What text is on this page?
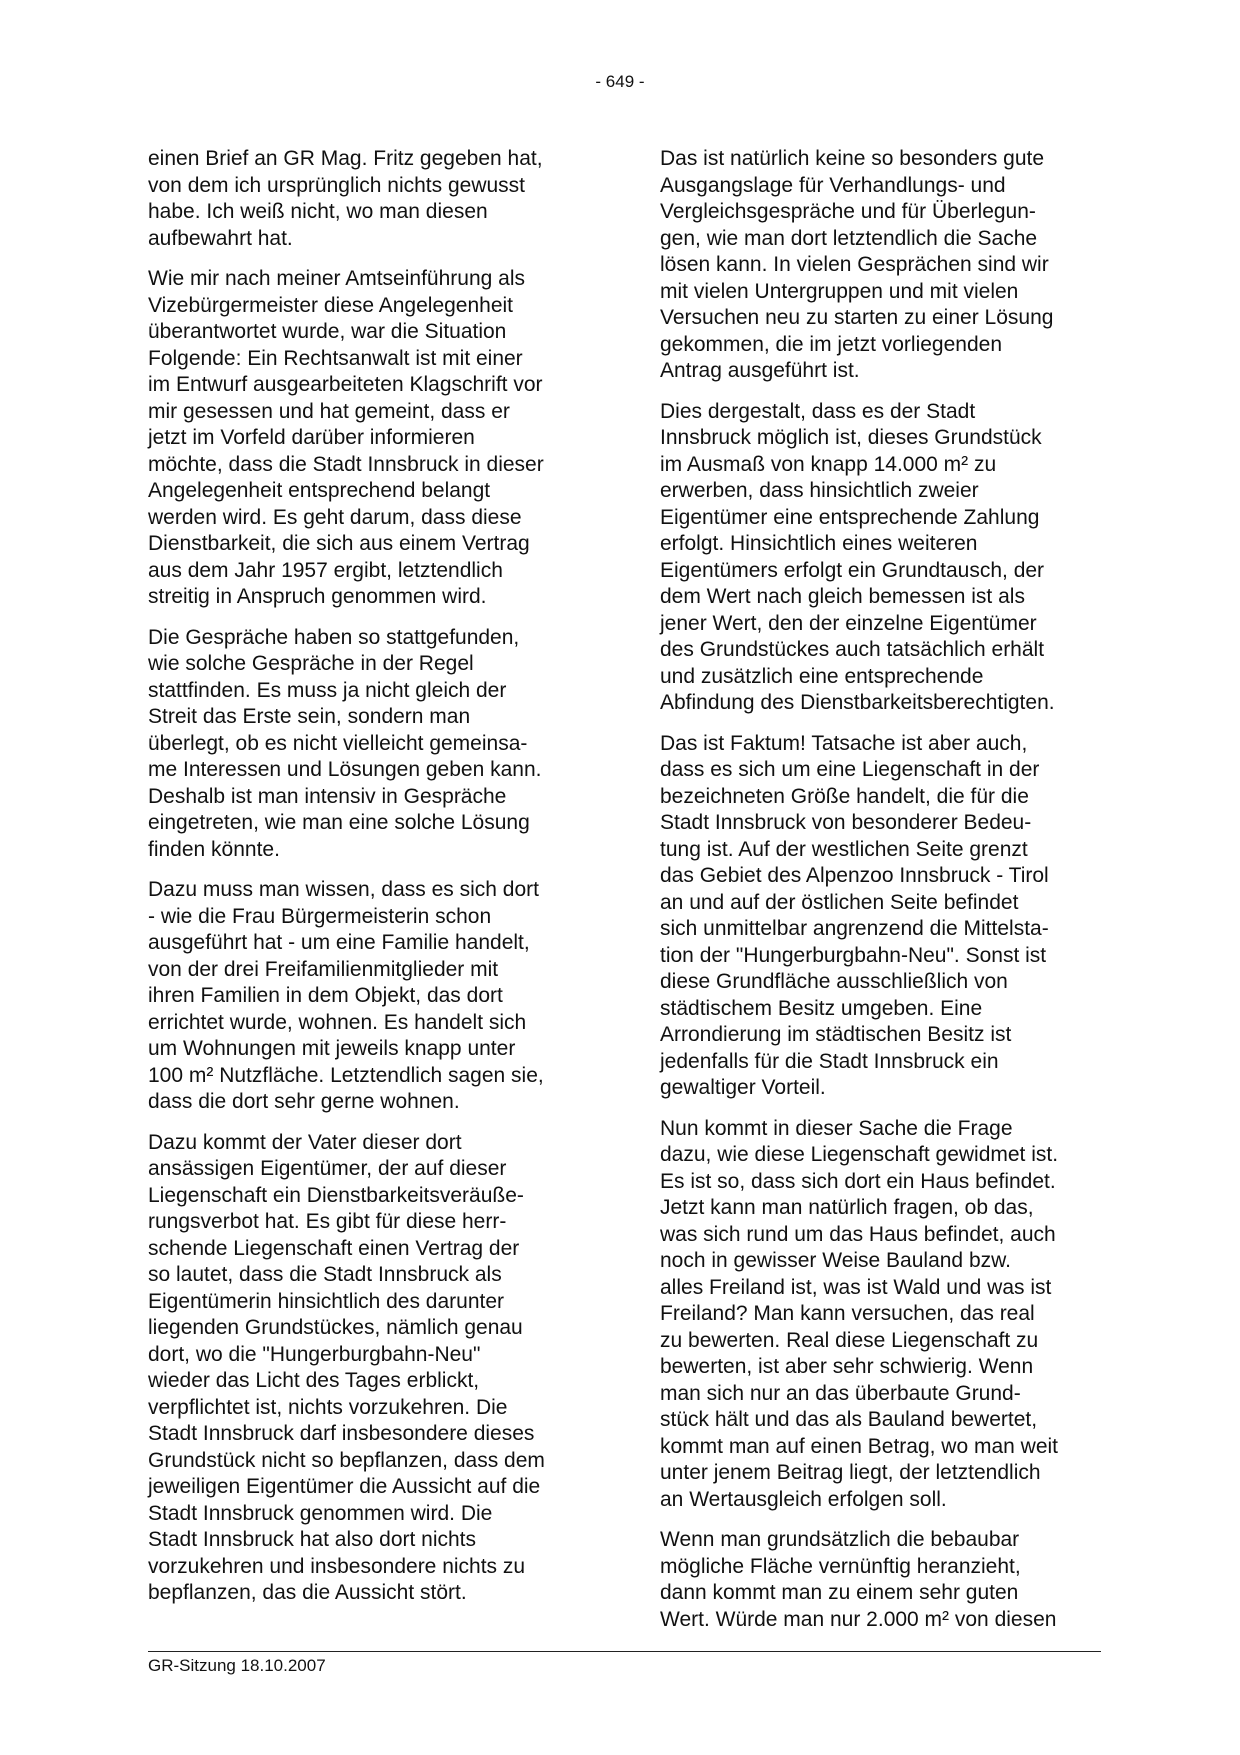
- 649 -

einen Brief an GR Mag. Fritz gegeben hat,
von dem ich ursprünglich nichts gewusst
habe. Ich weiß nicht, wo man diesen
aufbewahrt hat.

Wie mir nach meiner Amtseinführung als
Vizebürgermeister diese Angelegenheit
überantwortet wurde, war die Situation
Folgende: Ein Rechtsanwalt ist mit einer
im Entwurf ausgearbeiteten Klagschrift vor
mir gesessen und hat gemeint, dass er
jetzt im Vorfeld darüber informieren
möchte, dass die Stadt Innsbruck in dieser
Angelegenheit entsprechend belangt
werden wird. Es geht darum, dass diese
Dienstbarkeit, die sich aus einem Vertrag
aus dem Jahr 1957 ergibt, letztendlich
streitig in Anspruch genommen wird.

Die Gespräche haben so stattgefunden,
wie solche Gespräche in der Regel
stattfinden. Es muss ja nicht gleich der
Streit das Erste sein, sondern man
überlegt, ob es nicht vielleicht gemeinsa-
me Interessen und Lösungen geben kann.
Deshalb ist man intensiv in Gespräche
eingetreten, wie man eine solche Lösung
finden könnte.

Dazu muss man wissen, dass es sich dort
- wie die Frau Bürgermeisterin schon
ausgeführt hat - um eine Familie handelt,
von der drei Freifamilienmitglieder mit
ihren Familien in dem Objekt, das dort
errichtet wurde, wohnen. Es handelt sich
um Wohnungen mit jeweils knapp unter
100 m² Nutzfläche. Letztendlich sagen sie,
dass die dort sehr gerne wohnen.

Dazu kommt der Vater dieser dort
ansässigen Eigentümer, der auf dieser
Liegenschaft ein Dienstbarkeitsveräuße-
rungsverbot hat. Es gibt für diese herr-
schende Liegenschaft einen Vertrag der
so lautet, dass die Stadt Innsbruck als
Eigentümerin hinsichtlich des darunter
liegenden Grundstückes, nämlich genau
dort, wo die "Hungerburgbahn-Neu"
wieder das Licht des Tages erblickt,
verpflichtet ist, nichts vorzukehren. Die
Stadt Innsbruck darf insbesondere dieses
Grundstück nicht so bepflanzen, dass dem
jeweiligen Eigentümer die Aussicht auf die
Stadt Innsbruck genommen wird. Die
Stadt Innsbruck hat also dort nichts
vorzukehren und insbesondere nichts zu
bepflanzen, das die Aussicht stört.

Das ist natürlich keine so besonders gute
Ausgangslage für Verhandlungs- und
Vergleichsgespräche und für Überlegun-
gen, wie man dort letztendlich die Sache
lösen kann. In vielen Gesprächen sind wir
mit vielen Untergruppen und mit vielen
Versuchen neu zu starten zu einer Lösung
gekommen, die im jetzt vorliegenden
Antrag ausgeführt ist.

Dies dergestalt, dass es der Stadt
Innsbruck möglich ist, dieses Grundstück
im Ausmaß von knapp 14.000 m² zu
erwerben, dass hinsichtlich zweier
Eigentümer eine entsprechende Zahlung
erfolgt. Hinsichtlich eines weiteren
Eigentümers erfolgt ein Grundtausch, der
dem Wert nach gleich bemessen ist als
jener Wert, den der einzelne Eigentümer
des Grundstückes auch tatsächlich erhält
und zusätzlich eine entsprechende
Abfindung des Dienstbarkeitsberechtigten.

Das ist Faktum! Tatsache ist aber auch,
dass es sich um eine Liegenschaft in der
bezeichneten Größe handelt, die für die
Stadt Innsbruck von besonderer Bedeu-
tung ist. Auf der westlichen Seite grenzt
das Gebiet des Alpenzoo Innsbruck - Tirol
an und auf der östlichen Seite befindet
sich unmittelbar angrenzend die Mittelsta-
tion der "Hungerburgbahn-Neu". Sonst ist
diese Grundfläche ausschließlich von
städtischem Besitz umgeben. Eine
Arrondierung im städtischen Besitz ist
jedenfalls für die Stadt Innsbruck ein
gewaltiger Vorteil.

Nun kommt in dieser Sache die Frage
dazu, wie diese Liegenschaft gewidmet ist.
Es ist so, dass sich dort ein Haus befindet.
Jetzt kann man natürlich fragen, ob das,
was sich rund um das Haus befindet, auch
noch in gewisser Weise Bauland bzw.
alles Freiland ist, was ist Wald und was ist
Freiland? Man kann versuchen, das real
zu bewerten. Real diese Liegenschaft zu
bewerten, ist aber sehr schwierig. Wenn
man sich nur an das überbaute Grund-
stück hält und das als Bauland bewertet,
kommt man auf einen Betrag, wo man weit
unter jenem Beitrag liegt, der letztendlich
an Wertausgleich erfolgen soll.

Wenn man grundsätzlich die bebaubar
mögliche Fläche vernünftig heranzieht,
dann kommt man zu einem sehr guten
Wert. Würde man nur 2.000 m² von diesen

GR-Sitzung 18.10.2007
